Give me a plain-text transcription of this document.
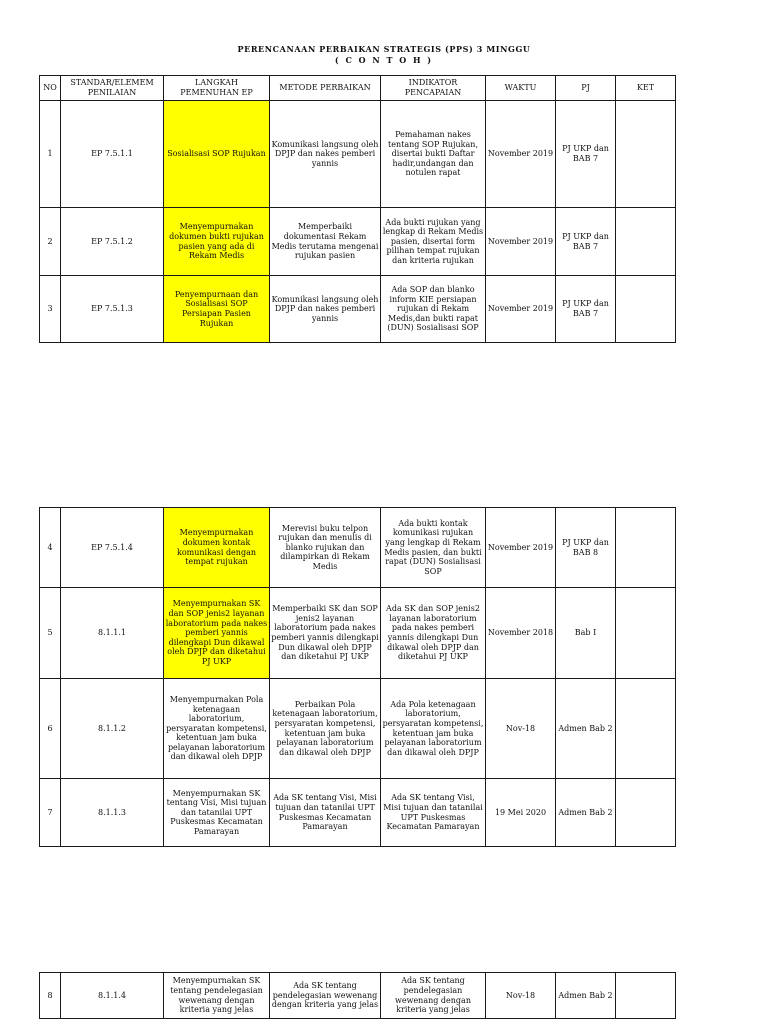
PERENCANAAN PERBAIKAN STRATEGIS (PPS) 3 MINGGU
( C O N T O H )
NO	STANDAR/ELEMEM PENILAIAN	LANGKAH PEMENUHAN EP	METODE PERBAIKAN	INDIKATOR PENCAPAIAN	WAKTU	PJ	KET
1	EP 7.5.1.1	Sosialisasi SOP Rujukan	Komunikasi langsung oleh DPJP dan nakes pemberi yannis	Pemahaman nakes tentang SOP Rujukan, disertai bukti Daftar hadir,undangan dan notulen rapat	November 2019	PJ UKP dan BAB 7	
2	EP 7.5.1.2	Menyempurnakan dokumen bukti rujukan pasien yang ada di Rekam Medis	Memperbaiki dokumentasi Rekam Medis terutama mengenai rujukan pasien	Ada bukti rujukan yang lengkap di Rekam Medis pasien, disertai form pilihan tempat rujukan dan kriteria rujukan	November 2019	PJ UKP dan BAB 7	
3	EP 7.5.1.3	Penyempurnaan dan Sosialisasi SOP Persiapan Pasien Rujukan	Komunikasi langsung oleh DPJP dan nakes pemberi yannis	Ada SOP dan blanko inform KIE persiapan rujukan di Rekam Medis,dan bukti rapat (DUN) Sosialisasi SOP	November 2019	PJ UKP dan BAB 7	
4	EP 7.5.1.4	Menyempurnakan dokumen kontak komunikasi dengan tempat rujukan	Merevisi buku telpon rujukan dan menulis di blanko rujukan dan dilampirkan di Rekam Medis	Ada bukti kontak komunikasi rujukan yang lengkap di Rekam Medis pasien, dan bukti rapat (DUN) Sosialisasi SOP	November 2019	PJ UKP dan BAB 8	
5	8.1.1.1	Menyempurnakan SK dan SOP jenis2 layanan laboratorium pada nakes pemberi yannis dilengkapi Dun dikawal oleh DPJP dan diketahui PJ UKP	Memperbaiki SK dan SOP jenis2 layanan laboratorium pada nakes pemberi yannis dilengkapi Dun dikawal oleh DPJP dan diketahui PJ UKP	Ada SK dan SOP jenis2 layanan laboratorium pada nakes pemberi yannis dilengkapi Dun dikawal oleh DPJP dan diketahui PJ UKP	November 2018	Bab I	
6	8.1.1.2	Menyempurnakan Pola ketenagaan laboratorium, persyaratan kompetensi, ketentuan jam buka pelayanan laboratorium dan dikawal oleh DPJP	Perbaikan Pola ketenagaan laboratorium, persyaratan kompetensi, ketentuan jam buka pelayanan laboratorium dan dikawal oleh DPJP	Ada Pola ketenagaan laboratorium, persyaratan kompetensi, ketentuan jam buka pelayanan laboratorium dan dikawal oleh DPJP	Nov-18	Admen Bab 2	
7	8.1.1.3	Menyempurnakan SK tentang Visi, Misi tujuan dan tatanilai UPT Puskesmas Kecamatan Pamarayan	Ada SK tentang Visi, Misi tujuan dan tatanilai UPT Puskesmas Kecamatan Pamarayan	Ada SK tentang Visi, Misi tujuan dan tatanilai UPT Puskesmas Kecamatan Pamarayan	19 Mei 2020	Admen Bab 2	
8	8.1.1.4	Menyempurnakan SK tentang pendelegasian wewenang dengan kriteria yang jelas	Ada SK tentang pendelegasian wewenang dengan kriteria yang jelas	Ada SK tentang pendelegasian wewenang dengan kriteria yang jelas	Nov-18	Admen Bab 2	
